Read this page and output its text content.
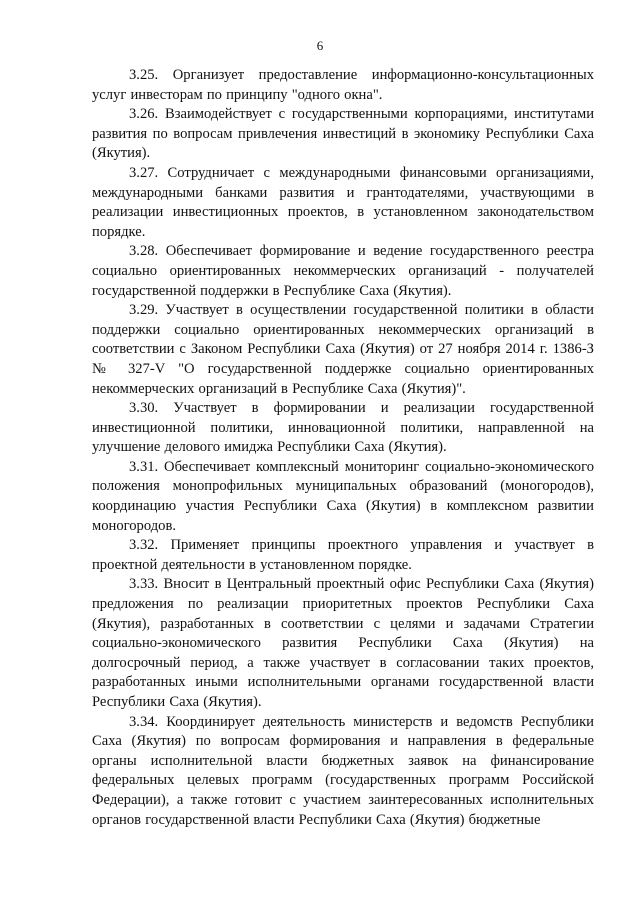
6

3.25. Организует предоставление информационно-консультационных услуг инвесторам по принципу "одного окна".

3.26. Взаимодействует с государственными корпорациями, институтами развития по вопросам привлечения инвестиций в экономику Республики Саха (Якутия).

3.27. Сотрудничает с международными финансовыми организациями, международными банками развития и грантодателями, участвующими в реализации инвестиционных проектов, в установленном законодательством порядке.

3.28. Обеспечивает формирование и ведение государственного реестра социально ориентированных некоммерческих организаций - получателей государственной поддержки в Республике Саха (Якутия).

3.29. Участвует в осуществлении государственной политики в области поддержки социально ориентированных некоммерческих организаций в соответствии с Законом Республики Саха (Якутия) от 27 ноября 2014 г. 1386-З № 327-V "О государственной поддержке социально ориентированных некоммерческих организаций в Республике Саха (Якутия)".

3.30. Участвует в формировании и реализации государственной инвестиционной политики, инновационной политики, направленной на улучшение делового имиджа Республики Саха (Якутия).

3.31. Обеспечивает комплексный мониторинг социально-экономического положения монопрофильных муниципальных образований (моногородов), координацию участия Республики Саха (Якутия) в комплексном развитии моногородов.

3.32. Применяет принципы проектного управления и участвует в проектной деятельности в установленном порядке.

3.33. Вносит в Центральный проектный офис Республики Саха (Якутия) предложения по реализации приоритетных проектов Республики Саха (Якутия), разработанных в соответствии с целями и задачами Стратегии социально-экономического развития Республики Саха (Якутия) на долгосрочный период, а также участвует в согласовании таких проектов, разработанных иными исполнительными органами государственной власти Республики Саха (Якутия).

3.34. Координирует деятельность министерств и ведомств Республики Саха (Якутия) по вопросам формирования и направления в федеральные органы исполнительной власти бюджетных заявок на финансирование федеральных целевых программ (государственных программ Российской Федерации), а также готовит с участием заинтересованных исполнительных органов государственной власти Республики Саха (Якутия) бюджетные
